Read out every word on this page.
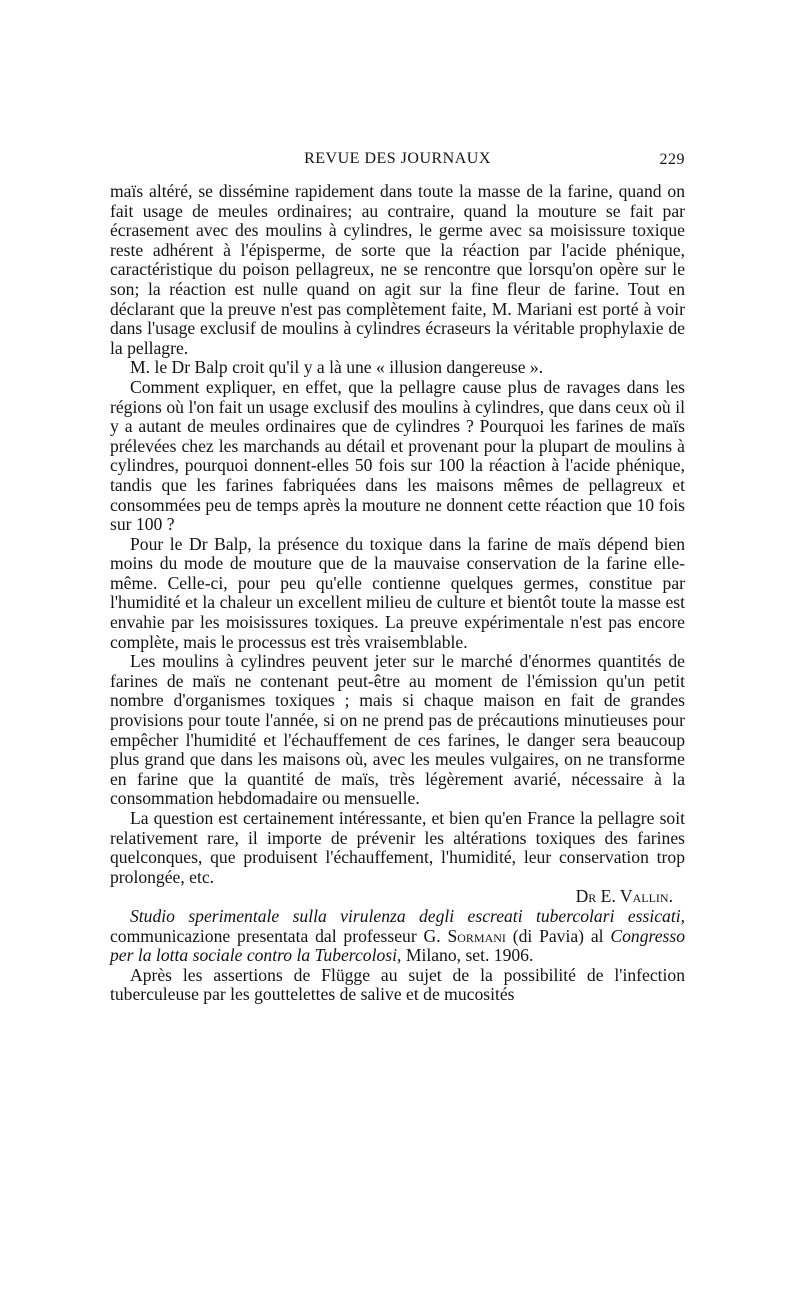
REVUE DES JOURNAUX	229

maïs altéré, se dissémine rapidement dans toute la masse de la farine, quand on fait usage de meules ordinaires; au contraire, quand la mouture se fait par écrasement avec des moulins à cylindres, le germe avec sa moisissure toxique reste adhérent à l'épisperme, de sorte que la réaction par l'acide phénique, caractéristique du poison pellagreux, ne se rencontre que lorsqu'on opère sur le son; la réaction est nulle quand on agit sur la fine fleur de farine. Tout en déclarant que la preuve n'est pas complètement faite, M. Mariani est porté à voir dans l'usage exclusif de moulins à cylindres écraseurs la véritable prophylaxie de la pellagre.

M. le Dr Balp croit qu'il y a là une « illusion dangereuse ».

Comment expliquer, en effet, que la pellagre cause plus de ravages dans les régions où l'on fait un usage exclusif des moulins à cylindres, que dans ceux où il y a autant de meules ordinaires que de cylindres ? Pourquoi les farines de maïs prélevées chez les marchands au détail et provenant pour la plupart de moulins à cylindres, pourquoi donnent-elles 50 fois sur 100 la réaction à l'acide phénique, tandis que les farines fabriquées dans les maisons mêmes de pellagreux et consommées peu de temps après la mouture ne donnent cette réaction que 10 fois sur 100 ?

Pour le Dr Balp, la présence du toxique dans la farine de maïs dépend bien moins du mode de mouture que de la mauvaise conservation de la farine elle-même. Celle-ci, pour peu qu'elle contienne quelques germes, constitue par l'humidité et la chaleur un excellent milieu de culture et bientôt toute la masse est envahie par les moisissures toxiques. La preuve expérimentale n'est pas encore complète, mais le processus est très vraisemblable.

Les moulins à cylindres peuvent jeter sur le marché d'énormes quantités de farines de maïs ne contenant peut-être au moment de l'émission qu'un petit nombre d'organismes toxiques ; mais si chaque maison en fait de grandes provisions pour toute l'année, si on ne prend pas de précautions minutieuses pour empêcher l'humidité et l'échauffement de ces farines, le danger sera beaucoup plus grand que dans les maisons où, avec les meules vulgaires, on ne transforme en farine que la quantité de maïs, très légèrement avarié, nécessaire à la consommation hebdomadaire ou mensuelle.

La question est certainement intéressante, et bien qu'en France la pellagre soit relativement rare, il importe de prévenir les altérations toxiques des farines quelconques, que produisent l'échauffement, l'humidité, leur conservation trop prolongée, etc.

Dr E. Vallin.

Studio sperimentale sulla virulenza degli escreati tubercolari essicati, communicazione presentata dal professeur G. Sormani (di Pavia) al Congresso per la lotta sociale contro la Tubercolosi, Milano, set. 1906.

Après les assertions de Flügge au sujet de la possibilité de l'infection tuberculeuse par les gouttelettes de salive et de mucosités
